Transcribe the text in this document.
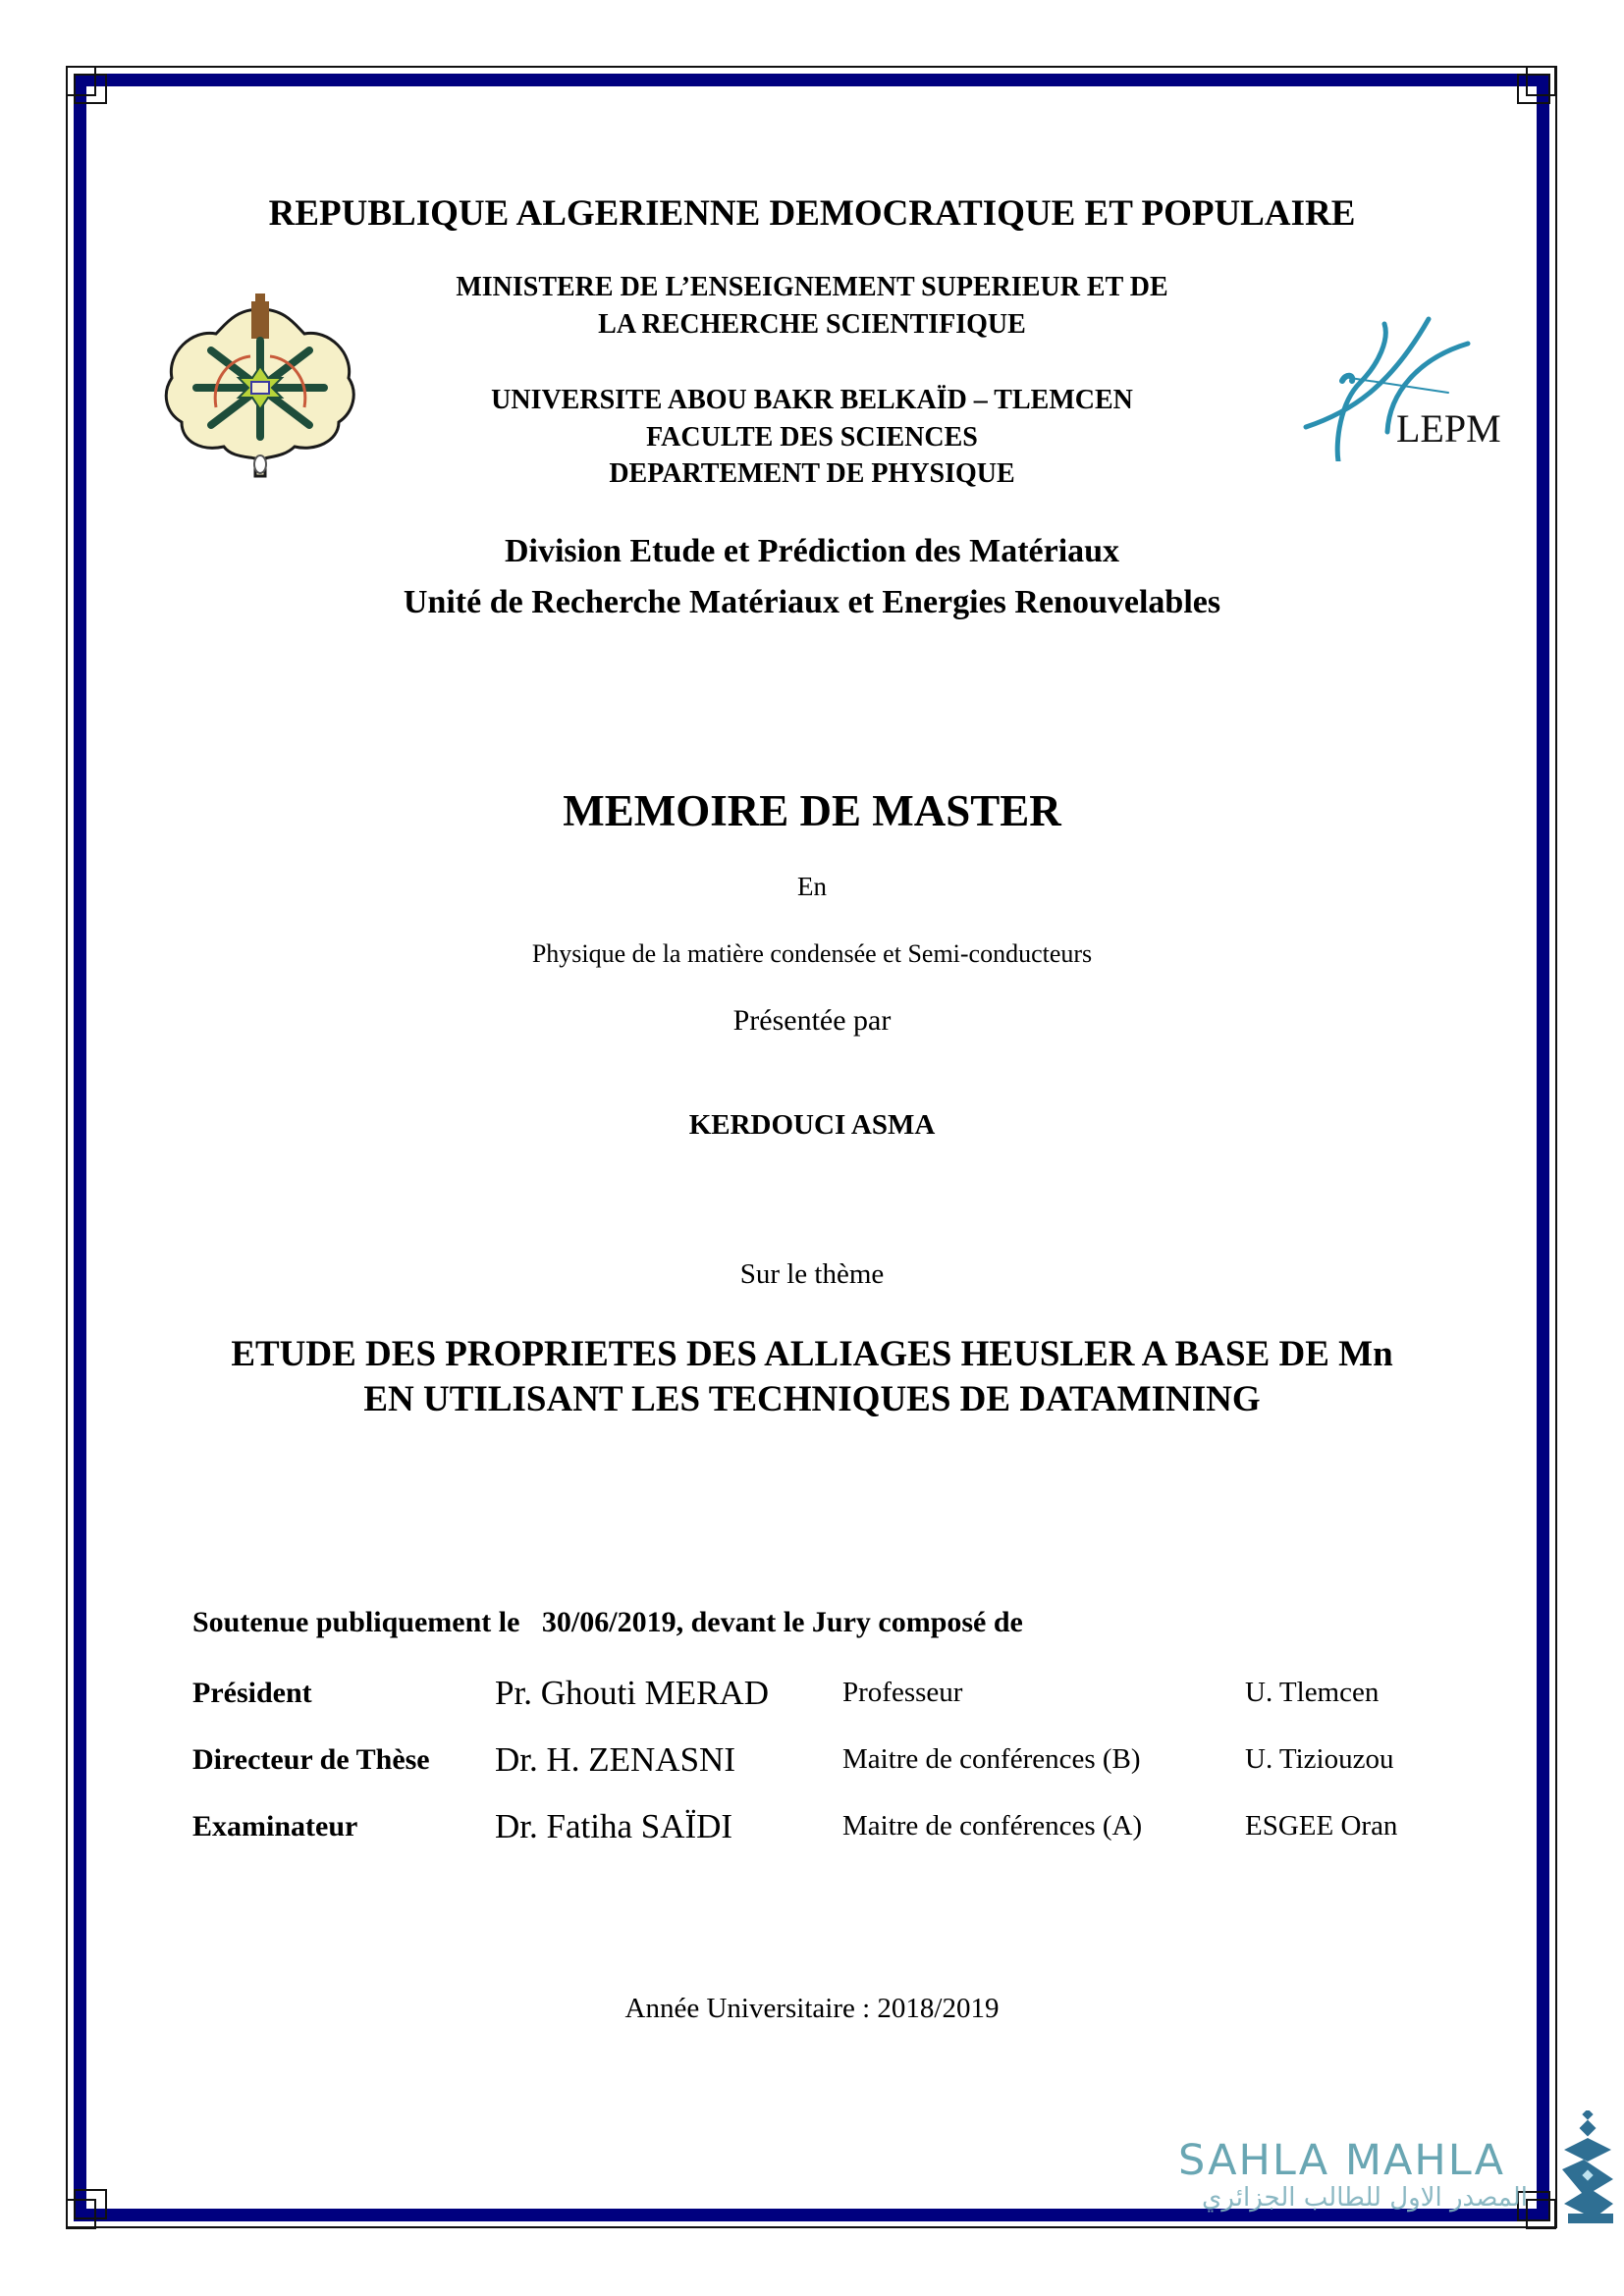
REPUBLIQUE ALGERIENNE DEMOCRATIQUE ET POPULAIRE
MINISTERE DE L’ENSEIGNEMENT SUPERIEUR ET DE
LA RECHERCHE SCIENTIFIQUE
UNIVERSITE ABOU BAKR BELKAÏD – TLEMCEN
FACULTE DES SCIENCES
DEPARTEMENT DE PHYSIQUE
Division Etude et Prédiction des Matériaux
Unité de Recherche Matériaux et Energies Renouvelables
LEPM
MEMOIRE DE MASTER
En
Physique de la matière condensée et Semi-conducteurs
Présentée par
KERDOUCI ASMA
Sur le thème
ETUDE DES PROPRIETES DES ALLIAGES HEUSLER A BASE DE Mn
EN UTILISANT LES TECHNIQUES DE DATAMINING
Soutenue publiquement le   30/06/2019, devant le Jury composé de
Président	Pr. Ghouti MERAD	Professeur	U. Tlemcen
Directeur de Thèse Dr. H. ZENASNI	Maitre de conférences (B)	U. Tiziouzou
Examinateur	Dr. Fatiha SAÏDI	Maitre de conférences (A)	ESGEE Oran
Année Universitaire : 2018/2019
SAHLA MAHLA
المصدر الاول للطالب الجزائري
